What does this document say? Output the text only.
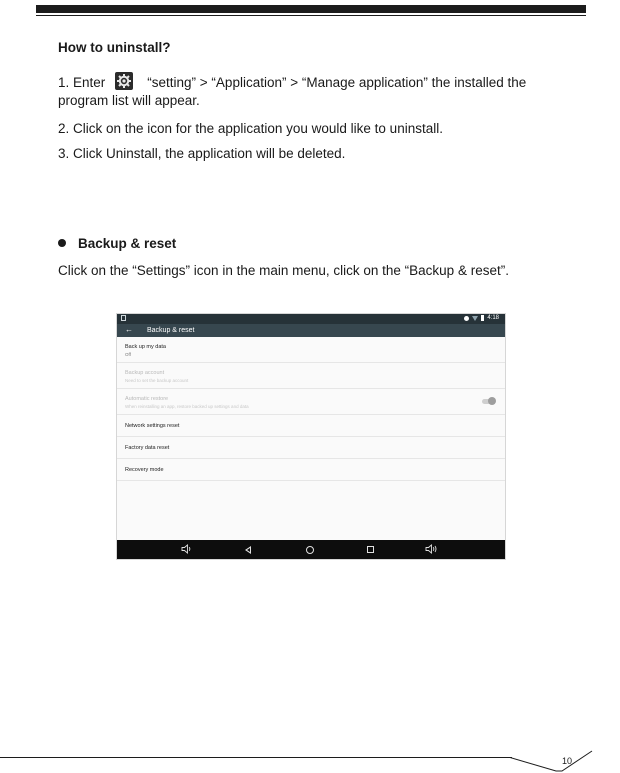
How to uninstall?
1. Enter	“setting” > “Application” > “Manage application” the installed the program list will appear.
2. Click on the icon for the application you would like to uninstall.
3. Click Uninstall, the application will be deleted.
Backup & reset
Click on the “Settings” icon in the main menu, click on the “Backup & reset”.
4:18
← Backup & reset
Back up my data
Off
Backup account
Need to set the backup account
Automatic restore
When reinstalling an app, restore backed up settings and data
Network settings reset
Factory data reset
Recovery mode
10
